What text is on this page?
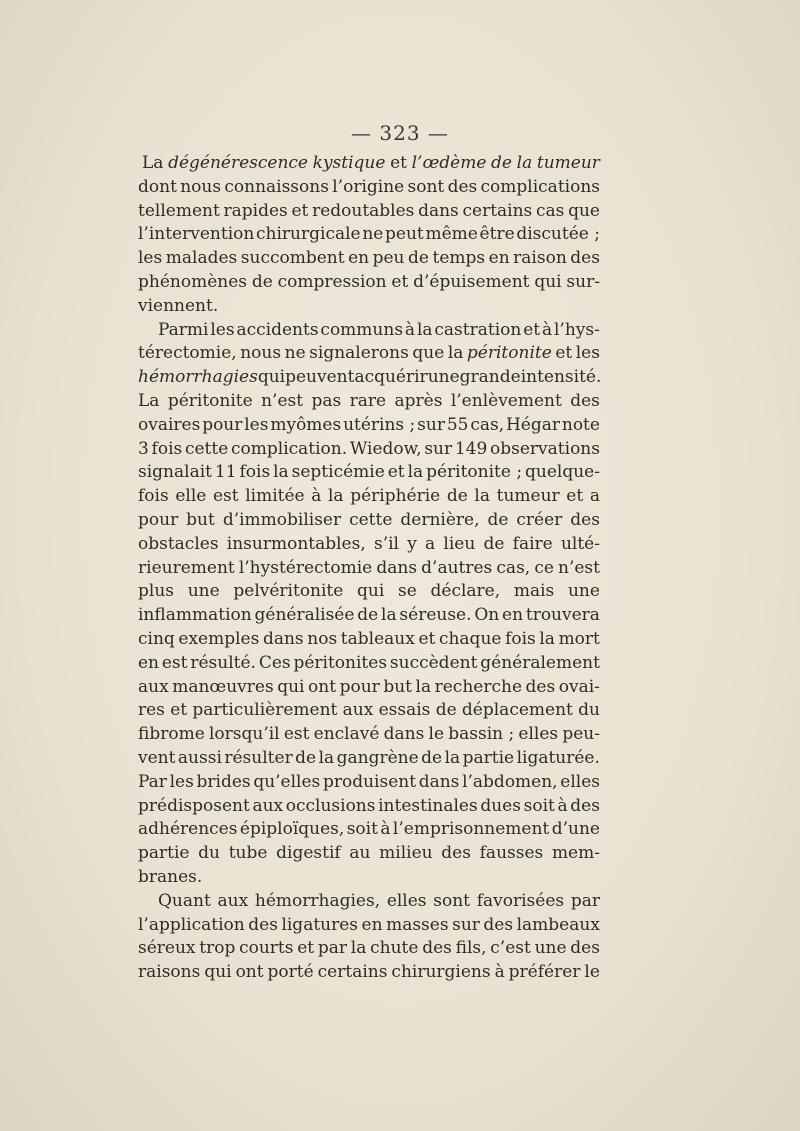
— 323 —
La dégénérescence kystique et l’œdème de la tumeur
dont nous connaissons l’origine sont des complications
tellement rapides et redoutables dans certains cas que
l’intervention chirurgicale ne peut même être discutée ;
les malades succombent en peu de temps en raison des
phénomènes de compression et d’épuisement qui sur-
viennent.
Parmi les accidents communs à la castration et à l’hys-
térectomie, nous ne signalerons que la péritonite et les
hémorrhagies qui peuvent acquérir une grande intensité.
La péritonite n’est pas rare après l’enlèvement des
ovaires pour les myômes utérins ; sur 55 cas, Hégar note
3 fois cette complication. Wiedow, sur 149 observations
signalait 11 fois la septicémie et la péritonite ; quelque-
fois elle est limitée à la périphérie de la tumeur et a
pour but d’immobiliser cette dernière, de créer des
obstacles insurmontables, s’il y a lieu de faire ulté-
rieurement l’hystérectomie dans d’autres cas, ce n’est
plus une pelvéritonite qui se déclare, mais une
inflammation généralisée de la séreuse. On en trouvera
cinq exemples dans nos tableaux et chaque fois la mort
en est résulté. Ces péritonites succèdent généralement
aux manœuvres qui ont pour but la recherche des ovai-
res et particulièrement aux essais de déplacement du
fibrome lorsqu’il est enclavé dans le bassin ; elles peu-
vent aussi résulter de la gangrène de la partie ligaturée.
Par les brides qu’elles produisent dans l’abdomen, elles
prédisposent aux occlusions intestinales dues soit à des
adhérences épiploïques, soit à l’emprisonnement d’une
partie du tube digestif au milieu des fausses mem-
branes.
Quant aux hémorrhagies, elles sont favorisées par
l’application des ligatures en masses sur des lambeaux
séreux trop courts et par la chute des fils, c’est une des
raisons qui ont porté certains chirurgiens à préférer le
